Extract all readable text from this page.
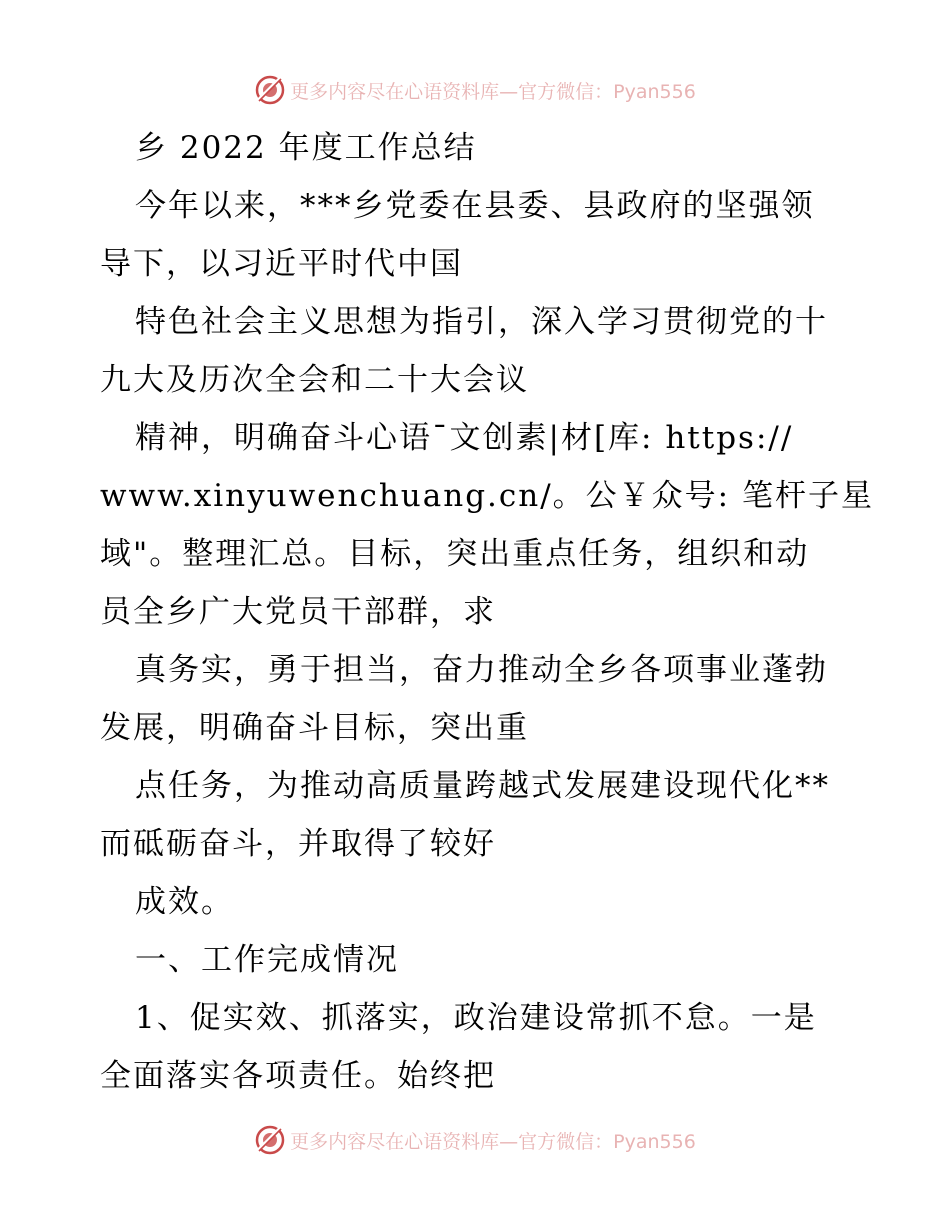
更多内容尽在心语资料库—官方微信：Pyan556
乡 2022 年度工作总结
今年以来，***乡党委在县委、县政府的坚强领
导下，以习近平时代中国
特色社会主义思想为指引，深入学习贯彻党的十
九大及历次全会和二十大会议
精神，明确奋斗心语¯文创素|材[库: https://
www.xinyuwenchuang.cn/。公￥众号: 笔杆子星
域"。整理汇总。目标，突出重点任务，组织和动
员全乡广大党员干部群，求
真务实，勇于担当，奋力推动全乡各项事业蓬勃
发展，明确奋斗目标，突出重
点任务，为推动高质量跨越式发展建设现代化**
而砥砺奋斗，并取得了较好
成效。
一、工作完成情况
1、促实效、抓落实，政治建设常抓不怠。一是
全面落实各项责任。始终把
更多内容尽在心语资料库—官方微信：Pyan556
